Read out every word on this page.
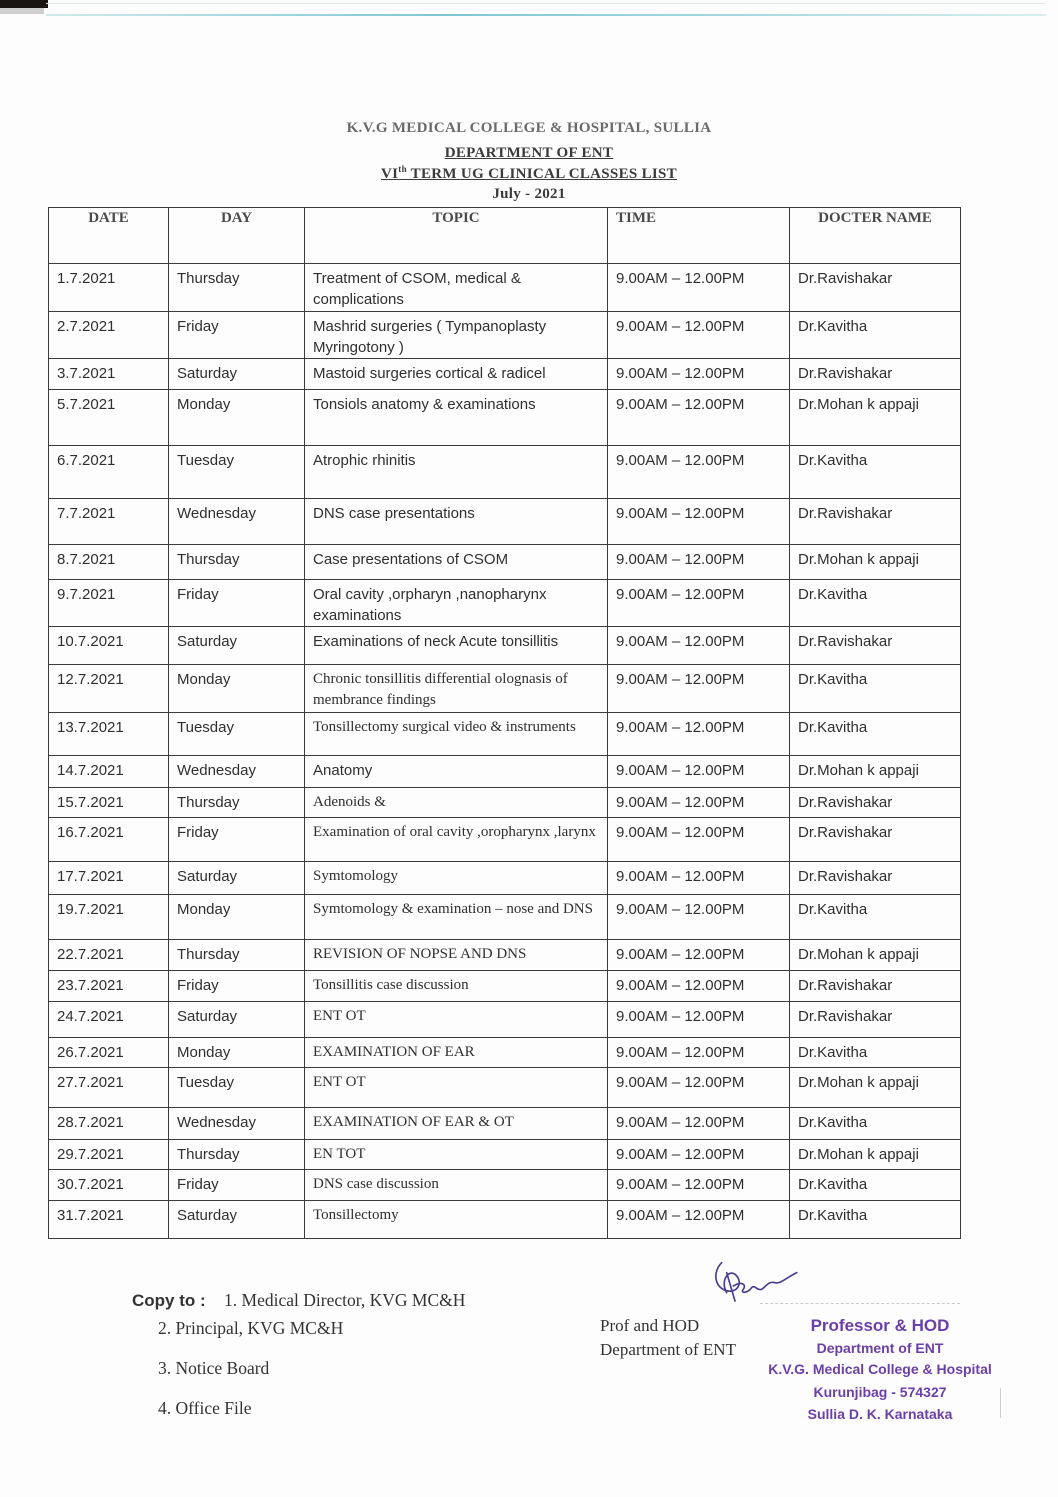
K.V.G MEDICAL COLLEGE & HOSPITAL, SULLIA
DEPARTMENT OF ENT
VIth TERM UG CLINICAL CLASSES LIST
July - 2021
DATE	DAY	TOPIC	TIME	DOCTER NAME
1.7.2021	Thursday	Treatment of CSOM, medical & complications	9.00AM – 12.00PM	Dr.Ravishakar
2.7.2021	Friday	Mashrid surgeries ( Tympanoplasty Myringotony )	9.00AM – 12.00PM	Dr.Kavitha
3.7.2021	Saturday	Mastoid surgeries cortical & radicel	9.00AM – 12.00PM	Dr.Ravishakar
5.7.2021	Monday	Tonsiols anatomy & examinations	9.00AM – 12.00PM	Dr.Mohan k appaji
6.7.2021	Tuesday	Atrophic rhinitis	9.00AM – 12.00PM	Dr.Kavitha
7.7.2021	Wednesday	DNS case presentations	9.00AM – 12.00PM	Dr.Ravishakar
8.7.2021	Thursday	Case presentations of CSOM	9.00AM – 12.00PM	Dr.Mohan k appaji
9.7.2021	Friday	Oral cavity ,orpharyn ,nanopharynx examinations	9.00AM – 12.00PM	Dr.Kavitha
10.7.2021	Saturday	Examinations of neck Acute tonsillitis	9.00AM – 12.00PM	Dr.Ravishakar
12.7.2021	Monday	Chronic tonsillitis differential olognasis of membrance findings	9.00AM – 12.00PM	Dr.Kavitha
13.7.2021	Tuesday	Tonsillectomy surgical video & instruments	9.00AM – 12.00PM	Dr.Kavitha
14.7.2021	Wednesday	Anatomy	9.00AM – 12.00PM	Dr.Mohan k appaji
15.7.2021	Thursday	Adenoids &	9.00AM – 12.00PM	Dr.Ravishakar
16.7.2021	Friday	Examination of oral cavity ,oropharynx ,larynx	9.00AM – 12.00PM	Dr.Ravishakar
17.7.2021	Saturday	Symtomology	9.00AM – 12.00PM	Dr.Ravishakar
19.7.2021	Monday	Symtomology & examination – nose and DNS	9.00AM – 12.00PM	Dr.Kavitha
22.7.2021	Thursday	REVISION OF NOPSE AND DNS	9.00AM – 12.00PM	Dr.Mohan k appaji
23.7.2021	Friday	Tonsillitis case discussion	9.00AM – 12.00PM	Dr.Ravishakar
24.7.2021	Saturday	ENT OT	9.00AM – 12.00PM	Dr.Ravishakar
26.7.2021	Monday	EXAMINATION OF EAR	9.00AM – 12.00PM	Dr.Kavitha
27.7.2021	Tuesday	ENT OT	9.00AM – 12.00PM	Dr.Mohan k appaji
28.7.2021	Wednesday	EXAMINATION OF EAR & OT	9.00AM – 12.00PM	Dr.Kavitha
29.7.2021	Thursday	EN TOT	9.00AM – 12.00PM	Dr.Mohan k appaji
30.7.2021	Friday	DNS case discussion	9.00AM – 12.00PM	Dr.Kavitha
31.7.2021	Saturday	Tonsillectomy	9.00AM – 12.00PM	Dr.Kavitha
Copy to : 1. Medical Director, KVG MC&H
2. Principal, KVG MC&H
3. Notice Board
4. Office File
Prof and HOD
Department of ENT
Professor & HOD
Department of ENT
K.V.G. Medical College & Hospital
Kurunjibag - 574327
Sullia D. K. Karnataka
